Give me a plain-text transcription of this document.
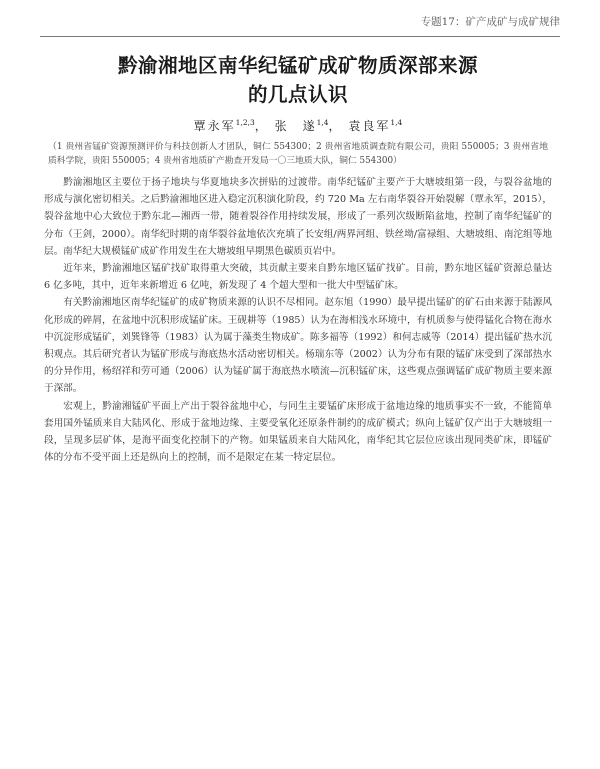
专题17：矿产成矿与成矿规律
黔渝湘地区南华纪锰矿成矿物质深部来源
的几点认识
覃永军$^{1,2,3}$， 张　遂$^{1,4}$， 袁良军$^{1,4}$
（1 贵州省锰矿资源预测评价与科技创新人才团队，铜仁 554300；2 贵州省地质调查院有限公司，贵阳 550005；3 贵州省地质科学院，贵阳 550005；4 贵州省地质矿产勘查开发局一〇三地质大队，铜仁 554300）

黔渝湘地区主要位于扬子地块与华夏地块多次拼贴的过渡带。南华纪锰矿主要产于大塘坡组第一段，与裂谷盆地的形成与演化密切相关。之后黔渝湘地区进入稳定沉积演化阶段，约 720 Ma 左右南华裂谷开始裂解（覃永军，2015），裂谷盆地中心大致位于黔东北—湘西一带，随着裂谷作用持续发展，形成了一系列次级断陷盆地，控制了南华纪锰矿的分布（王剑，2000）。南华纪时期的南华裂谷盆地依次充填了长安组/两界河组、铁丝坳/富禄组、大塘坡组、南沱组等地层。南华纪大规模锰矿成矿作用发生在大塘坡组早期黑色碳质页岩中。

近年来，黔渝湘地区锰矿找矿取得重大突破，其贡献主要来自黔东地区锰矿找矿。目前，黔东地区锰矿资源总量达 6 亿多吨，其中，近年来新增近 6 亿吨，新发现了 4 个超大型和一批大中型锰矿床。

有关黔渝湘地区南华纪锰矿的成矿物质来源的认识不尽相同。赵东旭（1990）最早提出锰矿的矿石由来源于陆源风化形成的碎屑，在盆地中沉积形成锰矿床。王砚耕等（1985）认为在海相浅水环境中，有机质参与使得锰化合物在海水中沉淀形成锰矿，刘巽锋等（1983）认为属于藻类生物成矿。陈多福等（1992）和何志威等（2014）提出锰矿热水沉积观点。其后研究者认为锰矿形成与海底热水活动密切相关。杨瑞东等（2002）认为分布有限的锰矿床受到了深部热水的分异作用，杨绍祥和劳可通（2006）认为锰矿属于海底热水喷流—沉积锰矿床，这些观点强调锰矿成矿物质主要来源于深部。

宏观上，黔渝湘锰矿平面上产出于裂谷盆地中心，与同生主要锰矿床形成于盆地边缘的地质事实不一致，不能简单套用国外锰质来自大陆风化、形成于盆地边缘、主要受氧化还原条件制约的成矿模式；纵向上锰矿仅产出于大塘坡组一段，呈现多层矿体，是海平面变化控制下的产物。如果锰质来自大陆风化，南华纪其它层位应该出现同类矿床，即锰矿体的分布不受平面上还是纵向上的控制，而不是限定在某一特定层位。
